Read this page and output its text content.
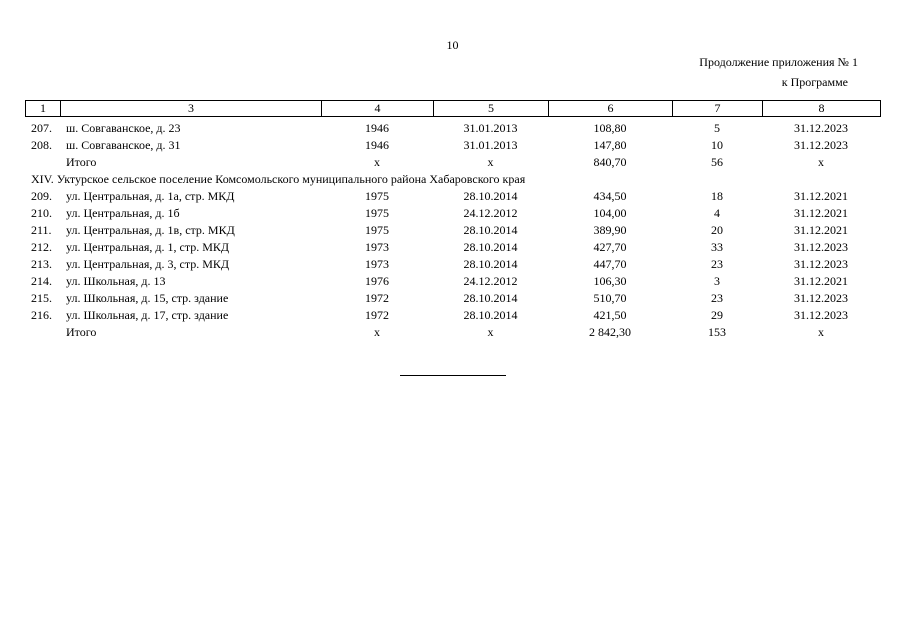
10
Продолжение приложения № 1
к Программе
1	3	4	5	6	7	8
207.	ш. Совгаванское, д. 23	1946	31.01.2013	108,80	5	31.12.2023
208.	ш. Совгаванское, д. 31	1946	31.01.2013	147,80	10	31.12.2023
	Итого	х	х	840,70	56	х
XIV. Уктурское сельское поселение Комсомольского муниципального района Хабаровского края						
209.	ул. Центральная, д. 1а, стр. МКД	1975	28.10.2014	434,50	18	31.12.2021
210.	ул. Центральная, д. 1б	1975	24.12.2012	104,00	4	31.12.2021
211.	ул. Центральная, д. 1в, стр. МКД	1975	28.10.2014	389,90	20	31.12.2021
212.	ул. Центральная, д. 1, стр. МКД	1973	28.10.2014	427,70	33	31.12.2023
213.	ул. Центральная, д. 3, стр. МКД	1973	28.10.2014	447,70	23	31.12.2023
214.	ул. Школьная, д. 13	1976	24.12.2012	106,30	3	31.12.2021
215.	ул. Школьная, д. 15, стр. здание	1972	28.10.2014	510,70	23	31.12.2023
216.	ул. Школьная, д. 17, стр. здание	1972	28.10.2014	421,50	29	31.12.2023
	Итого	х	х	2 842,30	153	х
